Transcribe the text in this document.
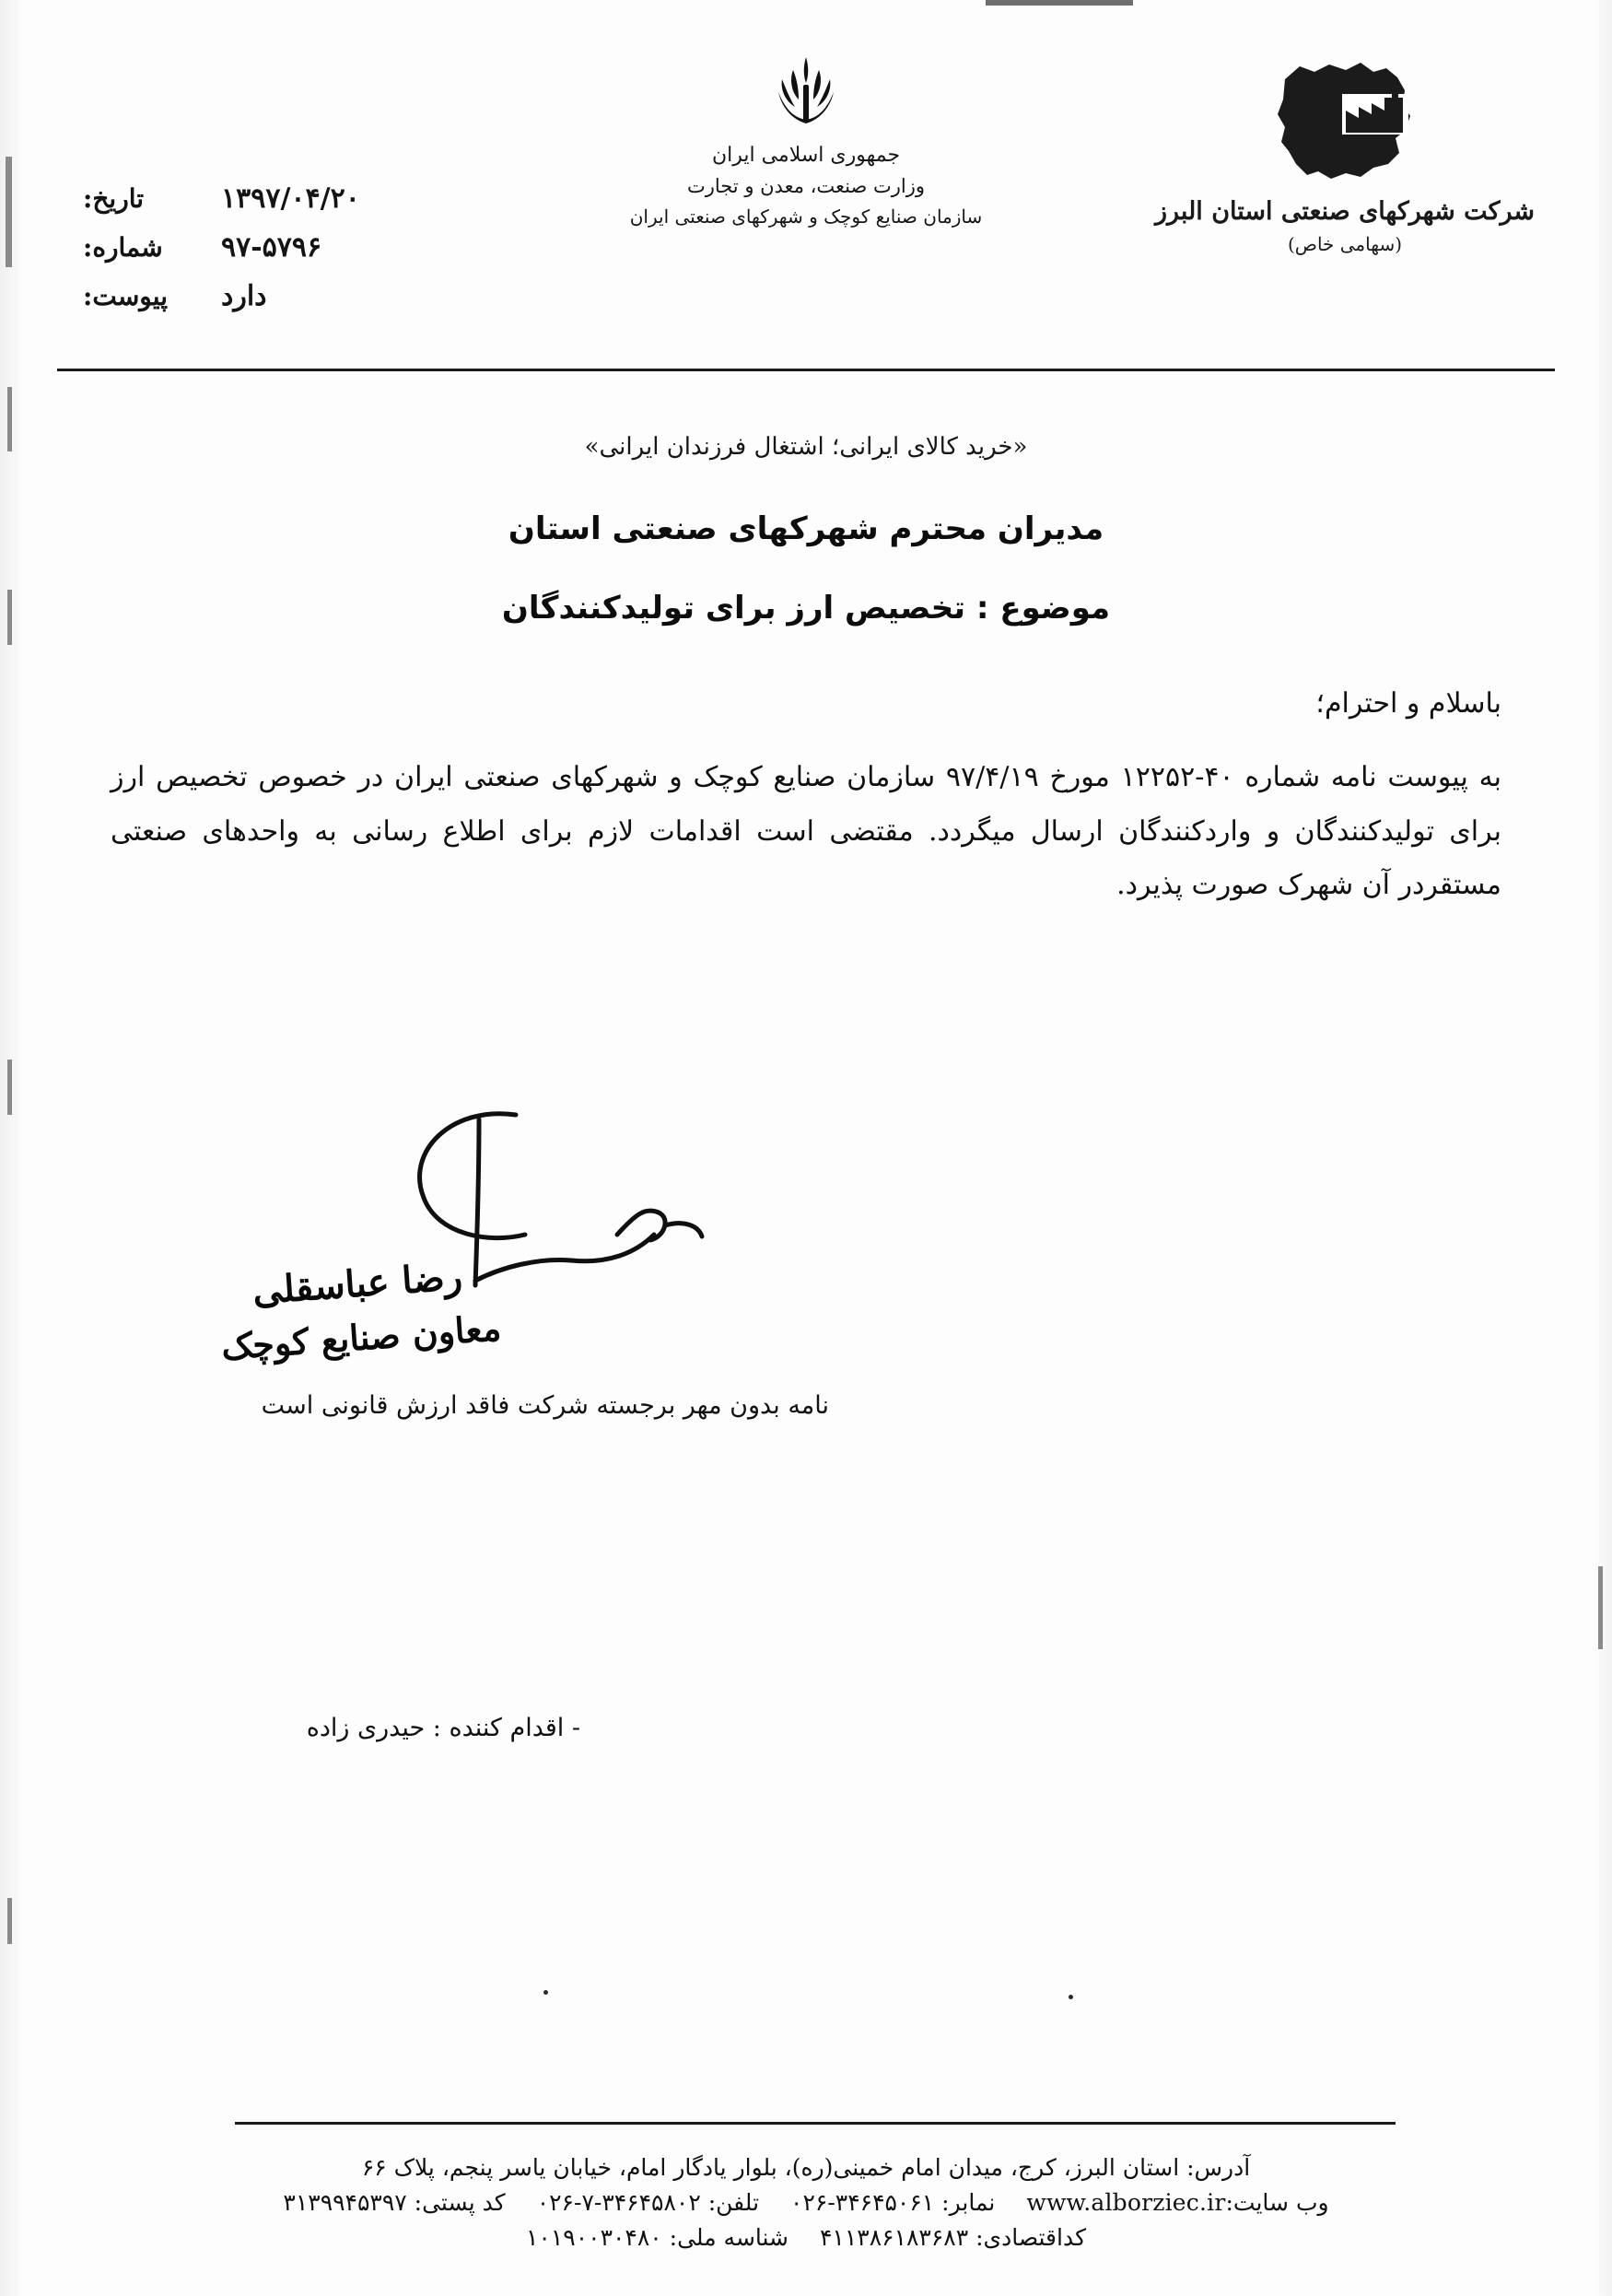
شرکت شهرکهای صنعتی استان البرز
(سهامی خاص)
جمهوری اسلامی ایران
وزارت صنعت، معدن و تجارت
سازمان صنایع کوچک و شهرکهای صنعتی ایران
تاریخ:	۱۳۹۷/۰۴/۲۰
شماره:	۹۷-۵۷۹۶
پیوست:	دارد
«خرید کالای ایرانی؛ اشتغال فرزندان ایرانی»
مدیران محترم شهرکهای صنعتی استان
موضوع : تخصیص ارز برای تولیدکنندگان
باسلام و احترام؛
به پیوست نامه شماره ۴۰-۱۲۲۵۲ مورخ ۹۷/۴/۱۹ سازمان صنایع کوچک و شهرکهای صنعتی ایران در خصوص تخصیص ارز برای تولیدکنندگان و واردکنندگان ارسال میگردد. مقتضی است اقدامات لازم برای اطلاع رسانی به واحدهای صنعتی مستقردر آن شهرک صورت پذیرد.
رضا عباسقلی
معاون صنایع کوچک
نامه بدون مهر برجسته شرکت فاقد ارزش قانونی است
- اقدام کننده : حیدری زاده
آدرس: استان البرز، کرج، میدان امام خمینی(ره)، بلوار یادگار امام، خیابان یاسر پنجم، پلاک ۶۶
وب سایت:www.alborziec.irنمابر: ۳۴۶۴۵۰۶۱-۰۲۶تلفن: ۳۴۶۴۵۸۰۲-۷-۰۲۶کد پستی: ۳۱۳۹۹۴۵۳۹۷
کداقتصادی: ۴۱۱۳۸۶۱۸۳۶۸۳شناسه ملی: ۱۰۱۹۰۰۳۰۴۸۰
